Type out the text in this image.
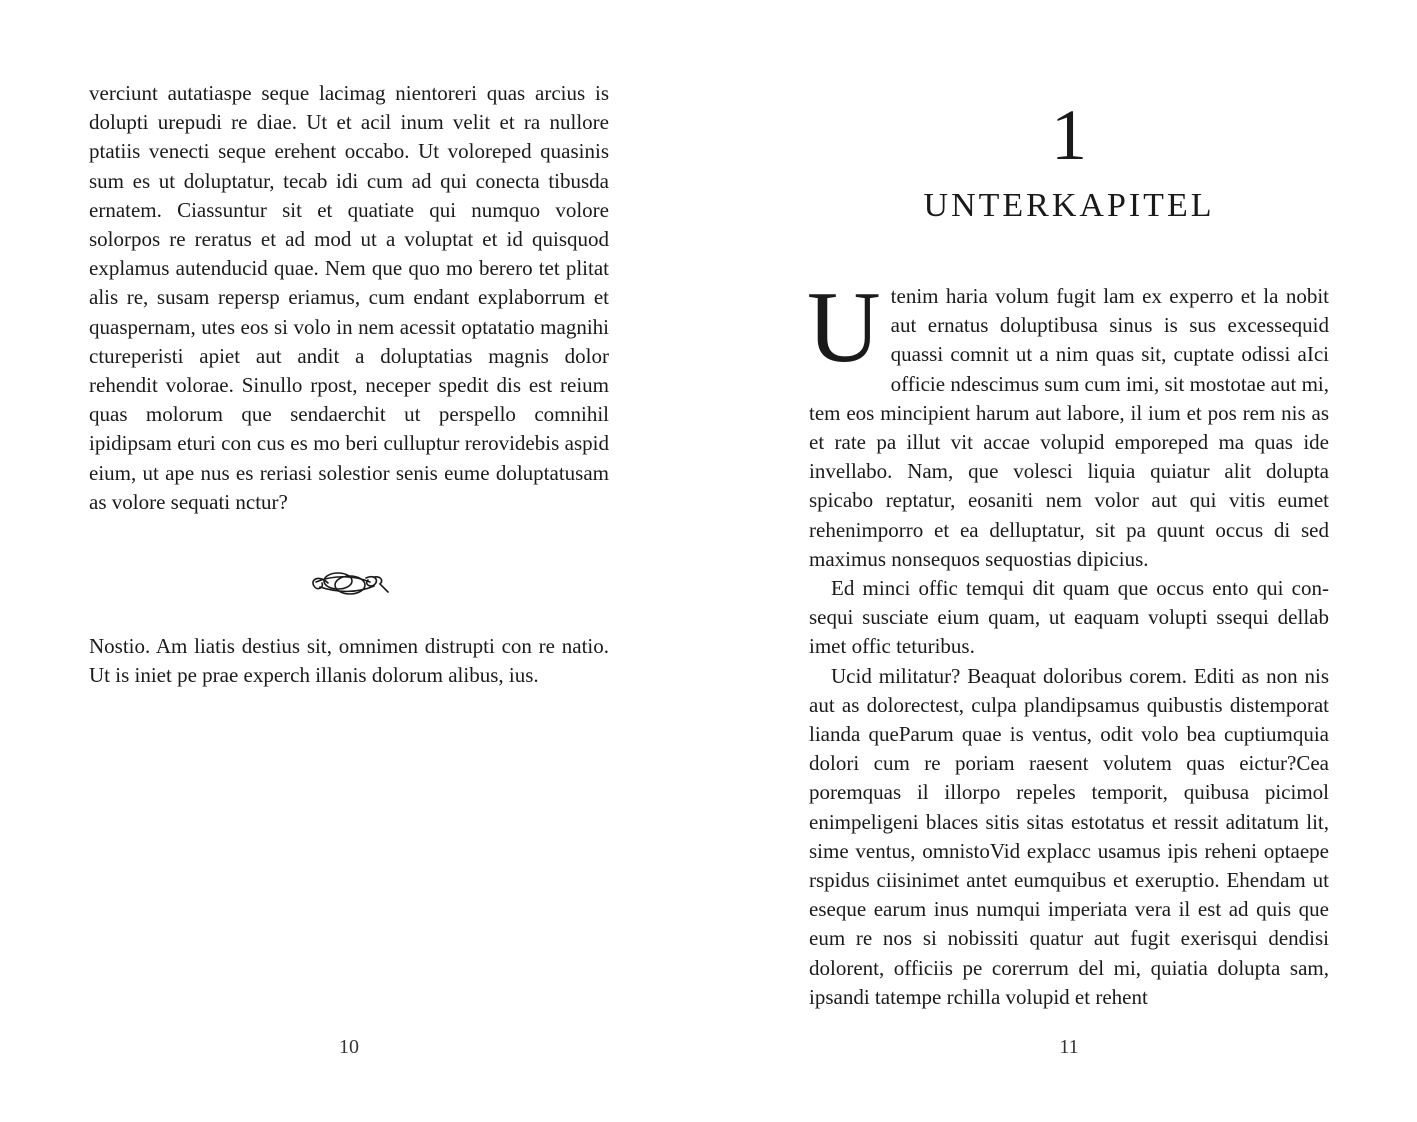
verciunt autatiaspe seque lacimag nientoreri quas arcius is dolupti urepudi re diae. Ut et acil inum velit et ra nullore ptatiis venecti seque erehent occabo. Ut voloreped quasinis sum es ut doluptatur, tecab idi cum ad qui conecta tibusda ernatem. Ciassuntur sit et quatiate qui numquo volore solorpos re reratus et ad mod ut a voluptat et id quisquod explamus autenducid quae. Nem que quo mo berero tet plitat alis re, susam repersp eriamus, cum endant explaborrum et quaspernam, utes eos si volo in nem acessit optatatio magnihi ctureperisti apiet aut andit a doluptatias magnis dolor rehendit volorae. Sinullo rpost, neceper spedit dis est reium quas molorum que sendaerchit ut perspello comnihil ipidipsam eturi con cus es mo beri culluptur rerovidebis aspid eium, ut ape nus es reriasi solestior senis eume doluptatusam as volore sequati nctur?

Nostio. Am liatis destius sit, omnimen distrupti con re natio. Ut is iniet pe prae experch illanis dolorum alibus, ius.

10
1
UNTERKAPITEL

Utenim haria volum fugit lam ex experro et la nobit aut ernatus doluptibusa sinus is sus excessequid quassi comnit ut a nim quas sit, cuptate odissi aIci officie ndescimus sum cum imi, sit mostotae aut mi, tem eos mincipient harum aut labore, il ium et pos rem nis as et rate pa illut vit accae volupid emporeped ma quas ide invellabo. Nam, que volesci liquia quiatur alit dolupta spicabo reptatur, eosaniti nem volor aut qui vitis eumet rehenimporro et ea delluptatur, sit pa quunt occus di sed maximus nonsequos sequostias dipicius.

Ed minci offic temqui dit quam que occus ento qui consequi susciate eium quam, ut eaquam volupti ssequi dellab imet offic teturibus.

Ucid militatur? Beaquat doloribus corem. Editi as non nis aut as dolorectest, culpa plandipsamus quibustis distemporat lianda queParum quae is ventus, odit volo bea cuptiumquia dolori cum re poriam raesent volutem quas eictur?Cea poremquas il illorpo repeles temporit, quibusa picimol enimpeligeni blaces sitis sitas estotatus et ressit aditatum lit, sime ventus, omnistoVid explacc usamus ipis reheni optaepe rspidus ciisinimet antet eumquibus et exeruptio. Ehendam ut eseque earum inus numqui imperiata vera il est ad quis que eum re nos si nobissiti quatur aut fugit exerisqui dendisi dolorent, officiis pe corerrum del mi, quiatia dolupta sam, ipsandi tatempe rchilla volupid et rehent

11
